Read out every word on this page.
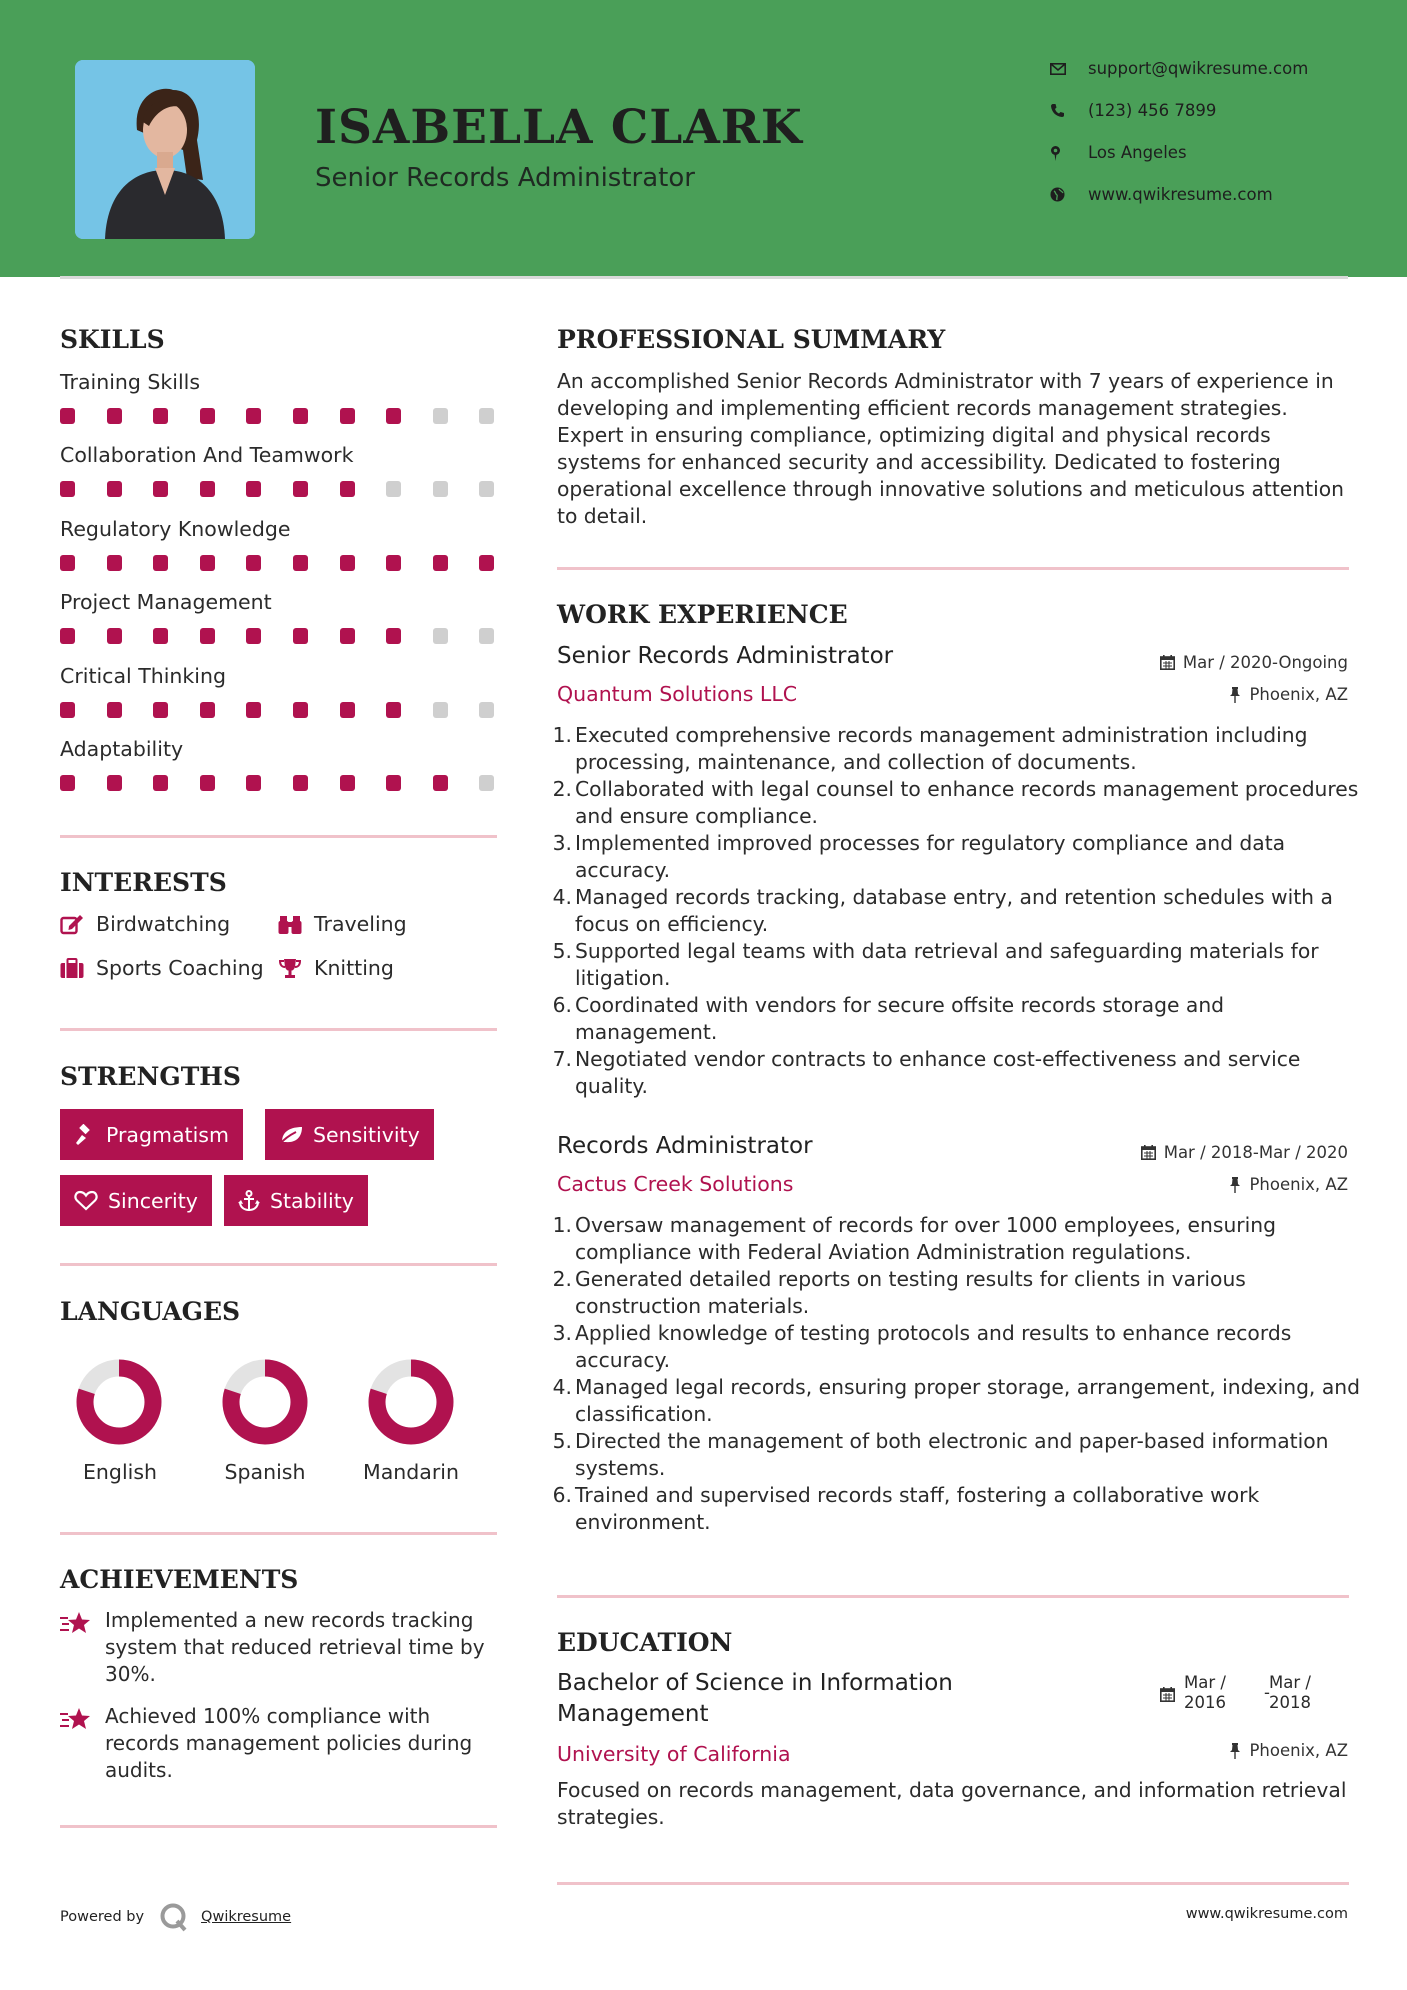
ISABELLA CLARK
Senior Records Administrator
support@qwikresume.com
(123) 456 7899
Los Angeles
www.qwikresume.com
SKILLS
Training Skills
Collaboration And Teamwork
Regulatory Knowledge
Project Management
Critical Thinking
Adaptability
INTERESTS
Birdwatching	Traveling
Sports Coaching Knitting
STRENGTHS
Pragmatism	Sensitivity
Sincerity	Stability
LANGUAGES
English	Spanish	Mandarin
ACHIEVEMENTS
Implemented a new records tracking system that reduced retrieval time by 30%.
Achieved 100% compliance with records management policies during audits.
PROFESSIONAL SUMMARY
An accomplished Senior Records Administrator with 7 years of experience in developing and implementing efficient records management strategies. Expert in ensuring compliance, optimizing digital and physical records systems for enhanced security and accessibility. Dedicated to fostering operational excellence through innovative solutions and meticulous attention to detail.
WORK EXPERIENCE
Senior Records Administrator
Quantum Solutions LLC
Mar / 2020-Ongoing
Phoenix, AZ
1. Executed comprehensive records management administration including processing, maintenance, and collection of documents.
2. Collaborated with legal counsel to enhance records management procedures and ensure compliance.
3. Implemented improved processes for regulatory compliance and data accuracy.
4. Managed records tracking, database entry, and retention schedules with a focus on efficiency.
5. Supported legal teams with data retrieval and safeguarding materials for litigation.
6. Coordinated with vendors for secure offsite records storage and management.
7. Negotiated vendor contracts to enhance cost-effectiveness and service quality.
Records Administrator
Cactus Creek Solutions
Mar / 2018-Mar / 2020
Phoenix, AZ
1. Oversaw management of records for over 1000 employees, ensuring compliance with Federal Aviation Administration regulations.
2. Generated detailed reports on testing results for clients in various construction materials.
3. Applied knowledge of testing protocols and results to enhance records accuracy.
4. Managed legal records, ensuring proper storage, arrangement, indexing, and classification.
5. Directed the management of both electronic and paper-based information systems.
6. Trained and supervised records staff, fostering a collaborative work environment.
EDUCATION
Bachelor of Science in Information
Management
University of California
Mar /
2016
-
Mar /
2018
Phoenix, AZ
Focused on records management, data governance, and information retrieval strategies.
Powered by	Qwikresume	www.qwikresume.com
